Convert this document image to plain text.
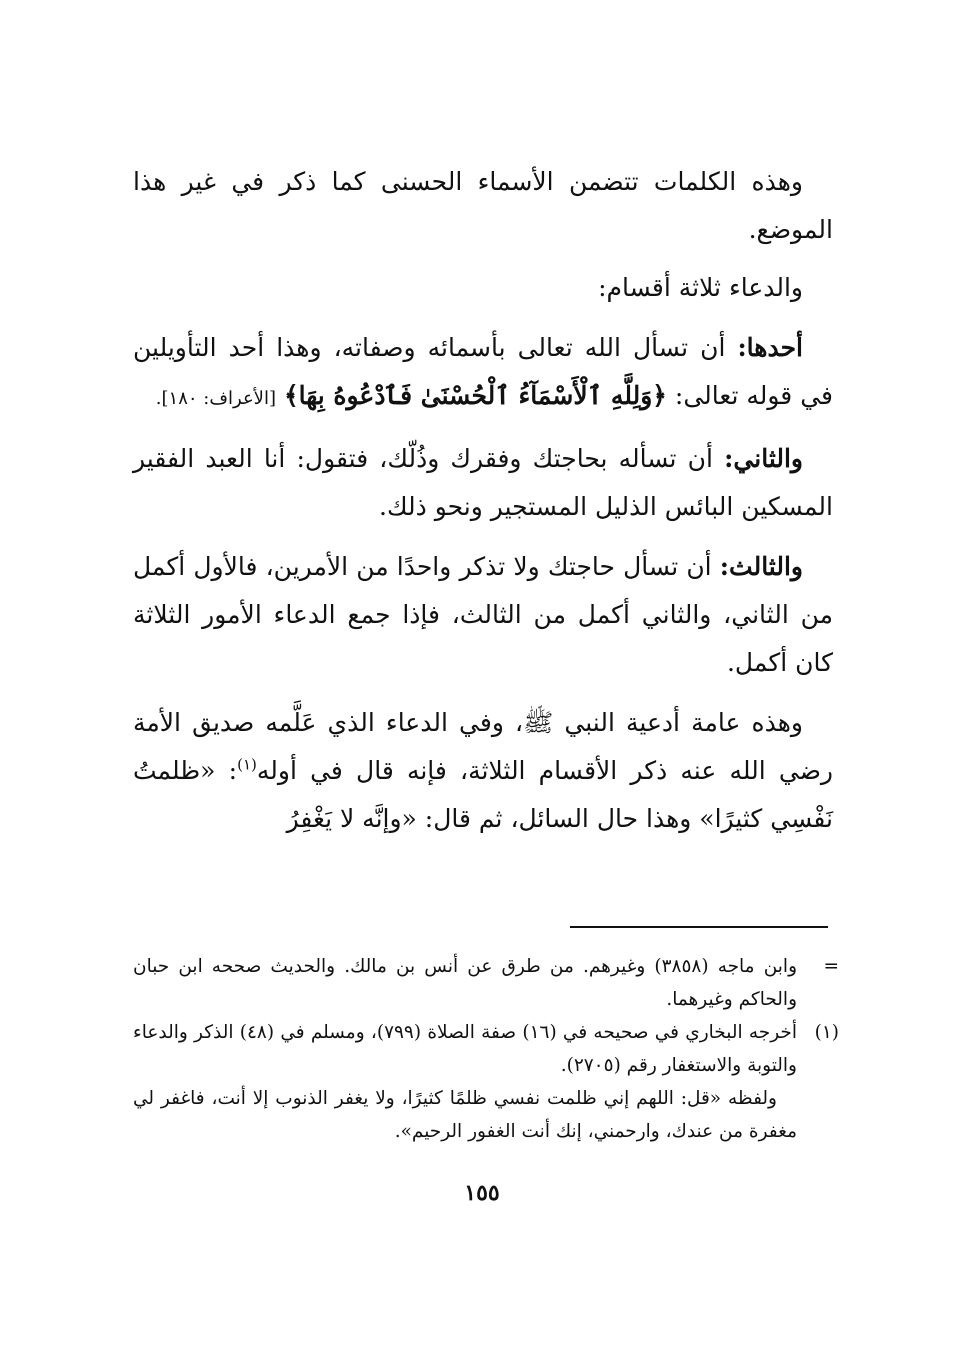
وهذه الكلمات تتضمن الأسماء الحسنى كما ذكر في غير هذا الموضع.

والدعاء ثلاثة أقسام:

أحدها: أن تسأل الله تعالى بأسمائه وصفاته، وهذا أحد التأويلين في قوله تعالى: ﴿وَلِلَّهِ ٱلْأَسْمَآءُ ٱلْحُسْنَىٰ فَٱدْعُوهُ بِهَا﴾ [الأعراف: ١٨٠].

والثاني: أن تسأله بحاجتك وفقرك وذُلّك، فتقول: أنا العبد الفقير المسكين البائس الذليل المستجير ونحو ذلك.

والثالث: أن تسأل حاجتك ولا تذكر واحدًا من الأمرين، فالأول أكمل من الثاني، والثاني أكمل من الثالث، فإذا جمع الدعاء الأمور الثلاثة كان أكمل.

وهذه عامة أدعية النبي ﷺ، وفي الدعاء الذي عَلَّمه صديق الأمة رضي الله عنه ذكر الأقسام الثلاثة، فإنه قال في أوله$^{(١)}$: «ظلمتُ نَفْسِي كثيرًا» وهذا حال السائل، ثم قال: «وإنَّه لا يَغْفِرُ

=
وابن ماجه (٣٨٥٨) وغيرهم. من طرق عن أنس بن مالك. والحديث صححه ابن حبان والحاكم وغيرهما.
(١)
أخرجه البخاري في صحيحه في (١٦) صفة الصلاة (٧٩٩)، ومسلم في (٤٨) الذكر والدعاء والتوبة والاستغفار رقم (٢٧٠٥).

ولفظه «قل: اللهم إني ظلمت نفسي ظلمًا كثيرًا، ولا يغفر الذنوب إلا أنت، فاغفر لي مغفرة من عندك، وارحمني، إنك أنت الغفور الرحيم».

١٥٥
